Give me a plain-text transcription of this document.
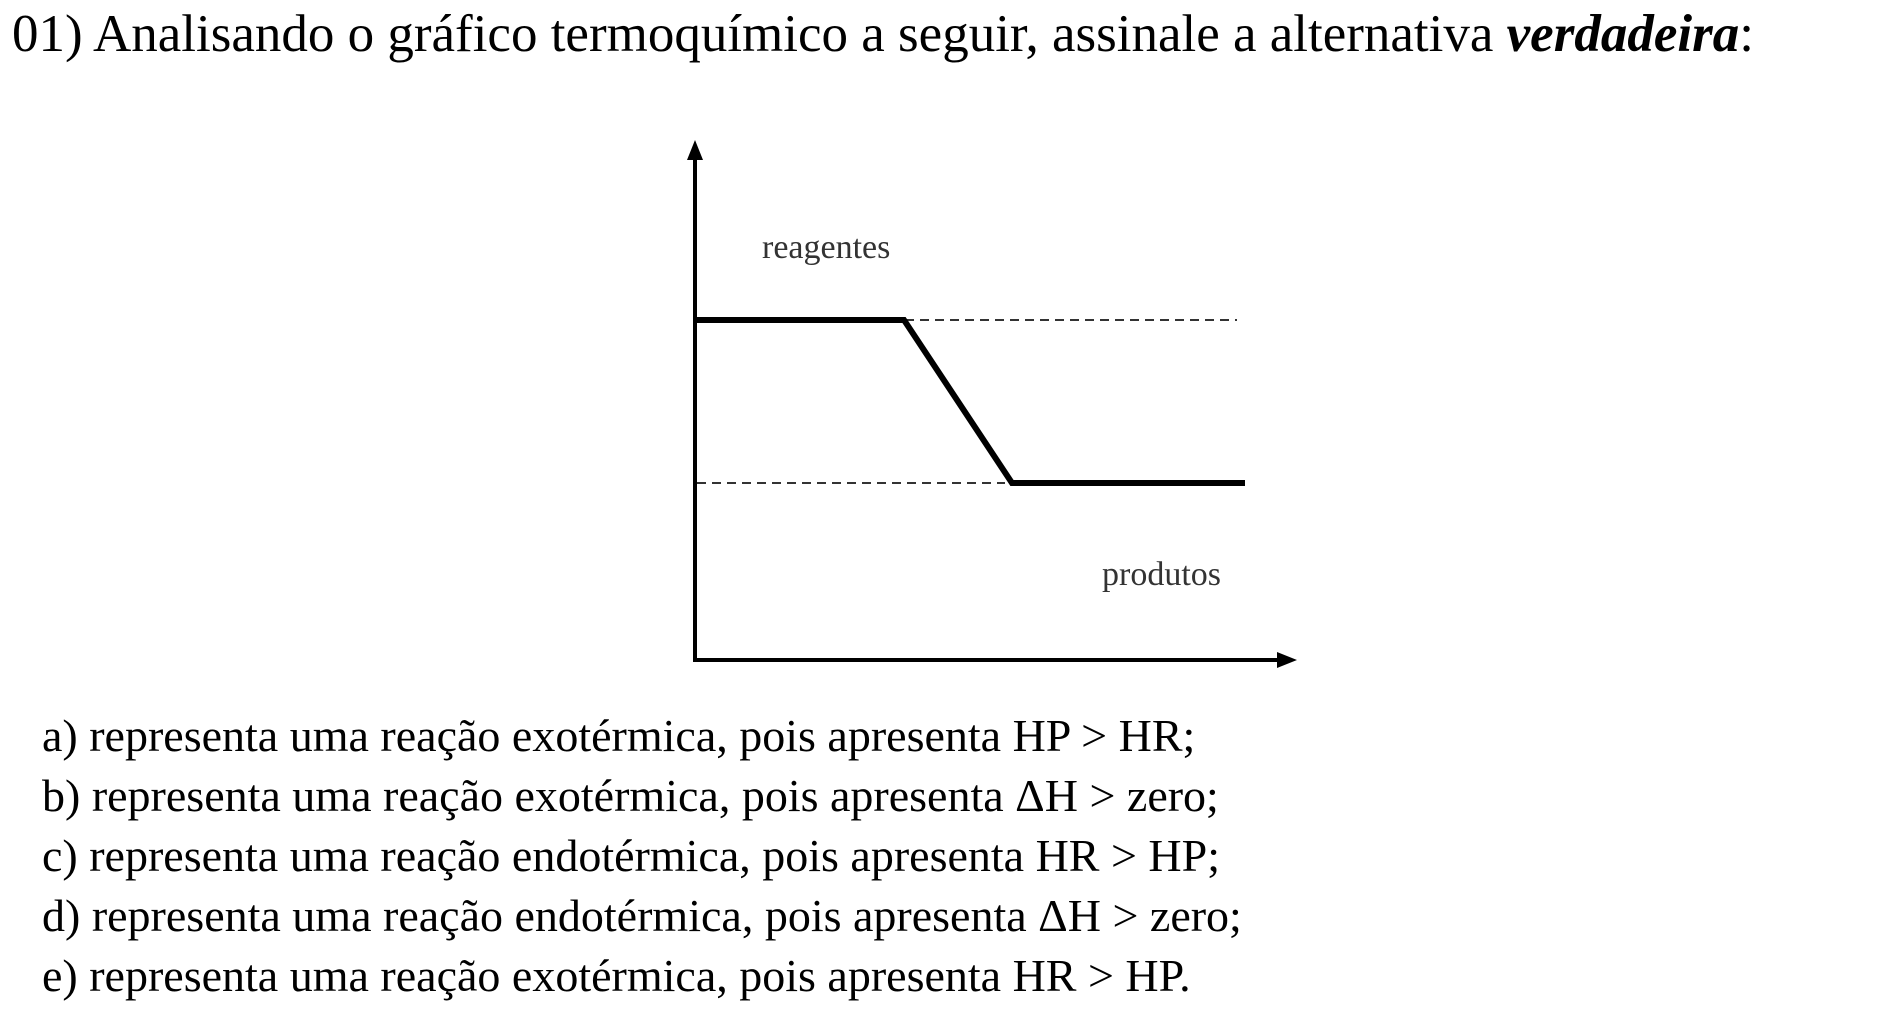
01) Analisando o gráfico termoquímico a seguir, assinale a alternativa verdadeira:
reagentes
produtos
a) representa uma reação exotérmica, pois apresenta HP > HR;
b) representa uma reação exotérmica, pois apresenta ΔH > zero;
c) representa uma reação endotérmica, pois apresenta HR > HP;
d) representa uma reação endotérmica, pois apresenta ΔH > zero;
e) representa uma reação exotérmica, pois apresenta HR > HP.
